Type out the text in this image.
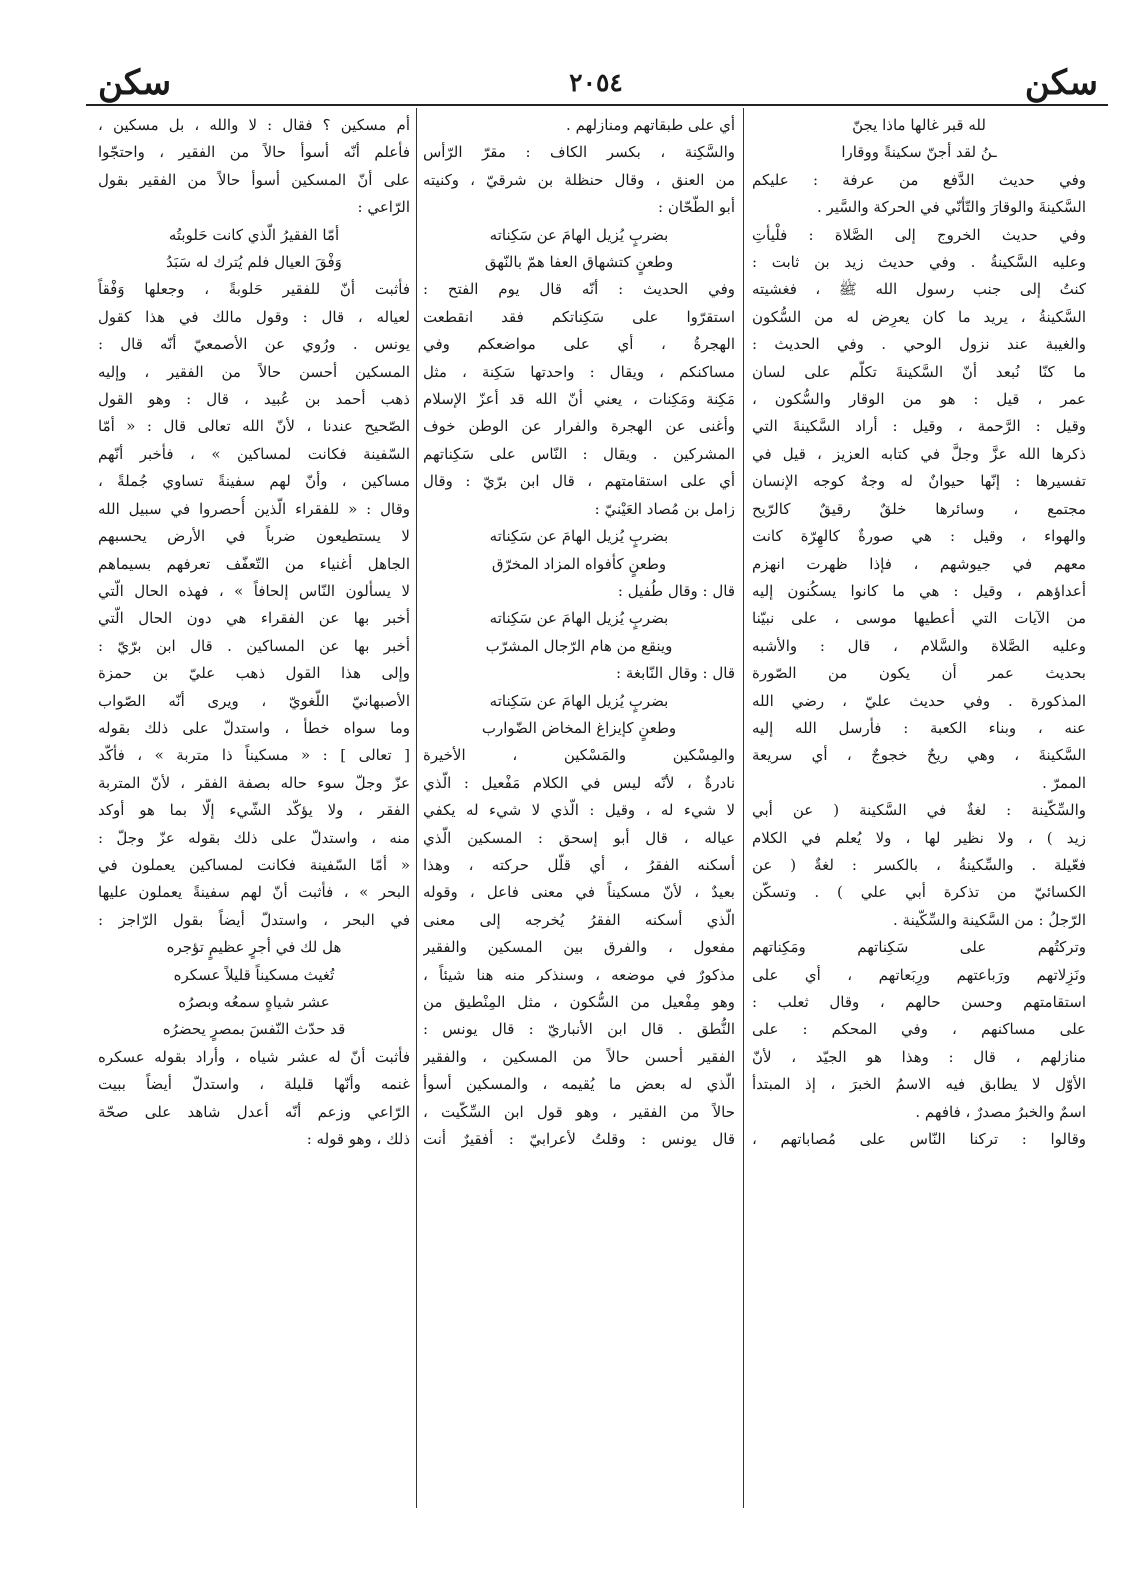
سكن
٢٠٥٤
سكن
لله قبر غالها ماذا يجنّ
ـنُ لقد أجنّ سكينةً ووقارا
وفي حديث الدَّفع من عرفة : عليكم
السَّكينةَ والوقارَ والتّأنّي في الحركة والسَّير .
وفي حديث الخروج إلى الصَّلاة : فلْيأتِ
وعليه السَّكينةُ . وفي حديث زيد بن ثابت :
كنتُ إلى جنب رسول الله ﷺ ، فغشيته
السَّكينةُ ، يريد ما كان يعرِض له من السُّكون
والغيبة عند نزول الوحي . وفي الحديث :
ما كنّا نُبعد أنّ السَّكينةَ تكلّم على لسان
عمر ، قيل : هو من الوقار والسُّكون ،
وقيل : الرَّحمة ، وقيل : أراد السَّكينةَ التي
ذكرها الله عزَّ وجلَّ في كتابه العزيز ، قيل في
تفسيرها : إنّها حيوانٌ له وجهٌ كوجه الإنسان
مجتمع ، وسائرها خلقٌ رقيقٌ كالرّيح
والهواء ، وقيل : هي صورةٌ كالهِرّة كانت
معهم في جيوشهم ، فإذا ظهرت انهزم
أعداؤهم ، وقيل : هي ما كانوا يسكُنون إليه
من الآيات التي أعطيها موسى ، على نبيّنا
وعليه الصَّلاة والسَّلام ، قال : والأشبه
بحديث عمر أن يكون من الصّورة
المذكورة . وفي حديث عليّ ، رضي الله
عنه ، وبناء الكعبة : فأرسل الله إليه
السَّكينةَ ، وهي ريحٌ خجوجٌ ، أي سريعة
الممرّ .
والسِّكّينة : لغةٌ في السَّكينة ( عن أبي
زيد ) ، ولا نظير لها ، ولا يُعلم في الكلام
فعّيلة . والسِّكينةُ ، بالكسر : لغةٌ ( عن
الكسائيّ من تذكرة أبي علي ) . وتسكّن
الرّجلُ : من السَّكينة والسِّكّينة .
وتركتُهم على سَكِناتهم ومَكِناتهم
ونَزِلاتهم ورَباعتهم ورِبَعاتهم ، أي على
استقامتهم وحسن حالهم ، وقال ثعلب :
على مساكنهم ، وفي المحكم : على
منازلهم ، قال : وهذا هو الجيّد ، لأنّ
الأوّل لا يطابق فيه الاسمُ الخبرَ ، إذ المبتدأ
اسمٌ والخبرُ مصدرٌ ، فافهم .
وقالوا : تركنا النّاس على مُصاباتهم ،
أي على طبقاتهم ومنازلهم .
والسَّكِنة ، بكسر الكاف : مقرّ الرّأس
من العنق ، وقال حنظلة بن شرقيّ ، وكنيته
أبو الطّحّان :
بضربٍ يُزيل الهامَ عن سَكِناته
وطعنٍ كتشهاق العفا همّ بالنّهق
وفي الحديث : أنّه قال يوم الفتح :
استقرّوا على سَكِناتكم فقد انقطعت
الهجرةُ ، أي على مواضعكم وفي
مساكنكم ، ويقال : واحدتها سَكِنة ، مثل
مَكِنة ومَكِنات ، يعني أنّ الله قد أعزّ الإسلام
وأغنى عن الهجرة والفرار عن الوطن خوف
المشركين . ويقال : النّاس على سَكِناتهم
أي على استقامتهم ، قال ابن برّيّ : وقال
زامل بن مُصاد العَيْنيّ :
بضربٍ يُزيل الهامَ عن سَكِناته
وطعنٍ كأفواه المزاد المخرّق
قال : وقال طُفيل :
بضربٍ يُزيل الهامَ عن سَكِناته
وينقع من هام الرّجال المشرّب
قال : وقال النّابغة :
بضربٍ يُزيل الهامَ عن سَكِناته
وطعنٍ كإيزاغ المخاض الضّوارب
والمِسْكين والمَسْكين ، الأخيرة
نادرةٌ ، لأنّه ليس في الكلام مَفْعيل : الّذي
لا شيء له ، وقيل : الّذي لا شيء له يكفي
عياله ، قال أبو إسحق : المسكين الّذي
أسكنه الفقرُ ، أي قلّل حركته ، وهذا
بعيدٌ ، لأنّ مسكيناً في معنى فاعل ، وقوله
الّذي أسكنه الفقرُ يُخرجه إلى معنى
مفعول ، والفرق بين المسكين والفقير
مذكورٌ في موضعه ، وسنذكر منه هنا شيئاً ،
وهو مِفْعيل من السُّكون ، مثل المِنْطيق من
النُّطق . قال ابن الأنباريّ : قال يونس :
الفقير أحسن حالاً من المسكين ، والفقير
الّذي له بعض ما يُقيمه ، والمسكين أسوأ
حالاً من الفقير ، وهو قول ابن السِّكّيت ،
قال يونس : وقلتُ لأعرابيّ : أفقيرٌ أنت
أم مسكين ؟ فقال : لا والله ، بل مسكين ،
فأعلم أنّه أسوأ حالاً من الفقير ، واحتجّوا
على أنّ المسكين أسوأ حالاً من الفقير بقول
الرّاعي :
أمّا الفقيرُ الّذي كانت حَلوبتُه
وَفْقَ العيال فلم يُترك له سَبَدُ
فأثبت أنّ للفقير حَلوبةً ، وجعلها وَفْقاً
لعياله ، قال : وقول مالك في هذا كقول
يونس . ورُوي عن الأصمعيّ أنّه قال :
المسكين أحسن حالاً من الفقير ، وإليه
ذهب أحمد بن عُبيد ، قال : وهو القول
الصّحيح عندنا ، لأنّ الله تعالى قال : « أمّا
السّفينة فكانت لمساكين » ، فأخبر أنّهم
مساكين ، وأنّ لهم سفينةً تساوي جُملةً ،
وقال : « للفقراء الّذين أُحصروا في سبيل الله
لا يستطيعون ضرباً في الأرض يحسبهم
الجاهل أغنياء من التّعفّف تعرفهم بسيماهم
لا يسألون النّاس إلحافاً » ، فهذه الحال الّتي
أخبر بها عن الفقراء هي دون الحال الّتي
أخبر بها عن المساكين . قال ابن برّيّ :
وإلى هذا القول ذهب عليّ بن حمزة
الأصبهانيّ اللّغويّ ، ويرى أنّه الصّواب
وما سواه خطأ ، واستدلّ على ذلك بقوله
[ تعالى ] : « مسكيناً ذا متربة » ، فأكّد
عزّ وجلّ سوء حاله بصفة الفقر ، لأنّ المتربة
الفقر ، ولا يؤكّد الشّيء إلّا بما هو أوكد
منه ، واستدلّ على ذلك بقوله عزّ وجلّ :
« أمّا السّفينة فكانت لمساكين يعملون في
البحر » ، فأثبت أنّ لهم سفينةً يعملون عليها
في البحر ، واستدلّ أيضاً بقول الرّاجز :
هل لك في أجرٍ عظيمٍ تؤجره
تُغيث مسكيناً قليلاً عسكره
عشر شياهٍ سمعُه وبصرُه
قد حدّث النّفسَ بمصرٍ يحضرُه
فأثبت أنّ له عشر شياه ، وأراد بقوله عسكره
غنمه وأنّها قليلة ، واستدلّ أيضاً ببيت
الرّاعي وزعم أنّه أعدل شاهد على صحّة
ذلك ، وهو قوله :
